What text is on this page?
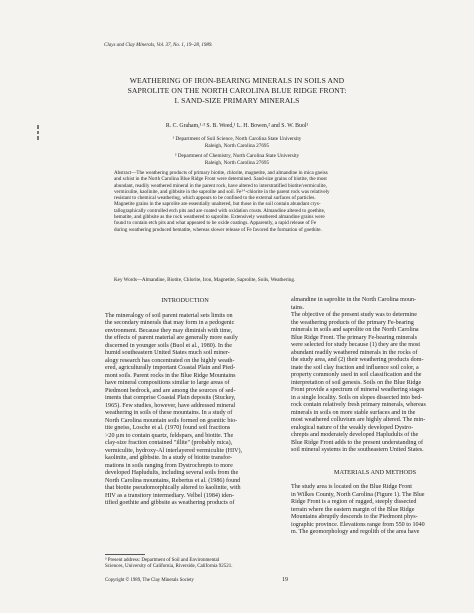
Clays and Clay Minerals, Vol. 37, No. 1, 19–28, 1989.
WEATHERING OF IRON-BEARING MINERALS IN SOILS AND
SAPROLITE ON THE NORTH CAROLINA BLUE RIDGE FRONT:
I. SAND-SIZE PRIMARY MINERALS
R. C. Graham,¹·³ S. B. Weed,¹ L. H. Bowen,² and S. W. Buol¹
¹ Department of Soil Science, North Carolina State University
Raleigh, North Carolina 27695
² Department of Chemistry, North Carolina State University
Raleigh, North Carolina 27695
Abstract—The weathering products of primary biotite, chlorite, magnetite, and almandine in mica gneiss
and schist in the North Carolina Blue Ridge Front were determined. Sand-size grains of biotite, the most
abundant, readily weathered mineral in the parent rock, have altered to interstratified biotite/vermiculite,
vermiculite, kaolinite, and gibbsite in the saprolite and soil. Fe²⁺-chlorite in the parent rock was relatively
resistant to chemical weathering, which appears to be confined to the external surfaces of particles.
Magnetite grains in the saprolite are essentially unaltered, but those in the soil contain abundant crys-
tallographically controlled etch pits and are coated with oxidation crusts. Almandine altered to goethite,
hematite, and gibbsite as the rock weathered to saprolite. Extensively weathered almandine grains were
found to contain etch pits and what appeared to be oxide coatings. Apparently, a rapid release of Fe
during weathering produced hematite, whereas slower release of Fe favored the formation of goethite.
Key Words—Almandine, Biotite, Chlorite, Iron, Magnetite, Saprolite, Soils, Weathering.
INTRODUCTION
The mineralogy of soil parent material sets limits on
the secondary minerals that may form in a pedogenic
environment. Because they may diminish with time,
the effects of parent material are generally more easily
discerned in younger soils (Buol et al., 1980). In the
humid southeastern United States much soil miner-
alogy research has concentrated on the highly weath-
ered, agriculturally important Coastal Plain and Pied-
mont soils. Parent rocks in the Blue Ridge Mountains
have mineral compositions similar to large areas of
Piedmont bedrock, and are among the sources of sed-
iments that comprise Coastal Plain deposits (Stuckey,
1965). Few studies, however, have addressed mineral
weathering in soils of these mountains. In a study of
North Carolina mountain soils formed on granitic bio-
tite gneiss, Losche et al. (1970) found soil fractions
>20 µm to contain quartz, feldspars, and biotite. The
clay-size fraction contained "illite" (probably mica),
vermiculite, hydroxy-Al interlayered vermiculite (HIV),
kaolinite, and gibbsite. In a study of biotite transfor-
mations in soils ranging from Dystrochrepts to more
developed Hapludults, including several soils from the
North Carolina mountains, Rebertus et al. (1986) found
that biotite pseudomorphically altered to kaolinite, with
HIV as a transitory intermediary. Velbel (1984) iden-
tified goethite and gibbsite as weathering products of
almandine in saprolite in the North Carolina moun-
tains.
The objective of the present study was to determine
the weathering products of the primary Fe-bearing
minerals in soils and saprolite on the North Carolina
Blue Ridge Front. The primary Fe-bearing minerals
were selected for study because (1) they are the most
abundant readily weathered minerals in the rocks of
the study area, and (2) their weathering products dom-
inate the soil clay fraction and influence soil color, a
property commonly used in soil classification and the
interpretation of soil genesis. Soils on the Blue Ridge
Front provide a spectrum of mineral weathering stages
in a single locality. Soils on slopes dissected into bed-
rock contain relatively fresh primary minerals, whereas
minerals in soils on more stable surfaces and in the
most weathered colluvium are highly altered. The min-
eralogical nature of the weakly developed Dystro-
chrepts and moderately developed Hapludults of the
Blue Ridge Front adds to the present understanding of
soil mineral systems in the southeastern United States.
MATERIALS AND METHODS
The study area is located on the Blue Ridge Front
in Wilkes County, North Carolina (Figure 1). The Blue
Ridge Front is a region of rugged, steeply dissected
terrain where the eastern margin of the Blue Ridge
Mountains abruptly descends to the Piedmont phys-
iographic province. Elevations range from 550 to 1040
m. The geomorphology and regolith of the area have
³ Present address: Department of Soil and Environmental
Sciences, University of California, Riverside, California 92521.
Copyright © 1989, The Clay Minerals Society	19
